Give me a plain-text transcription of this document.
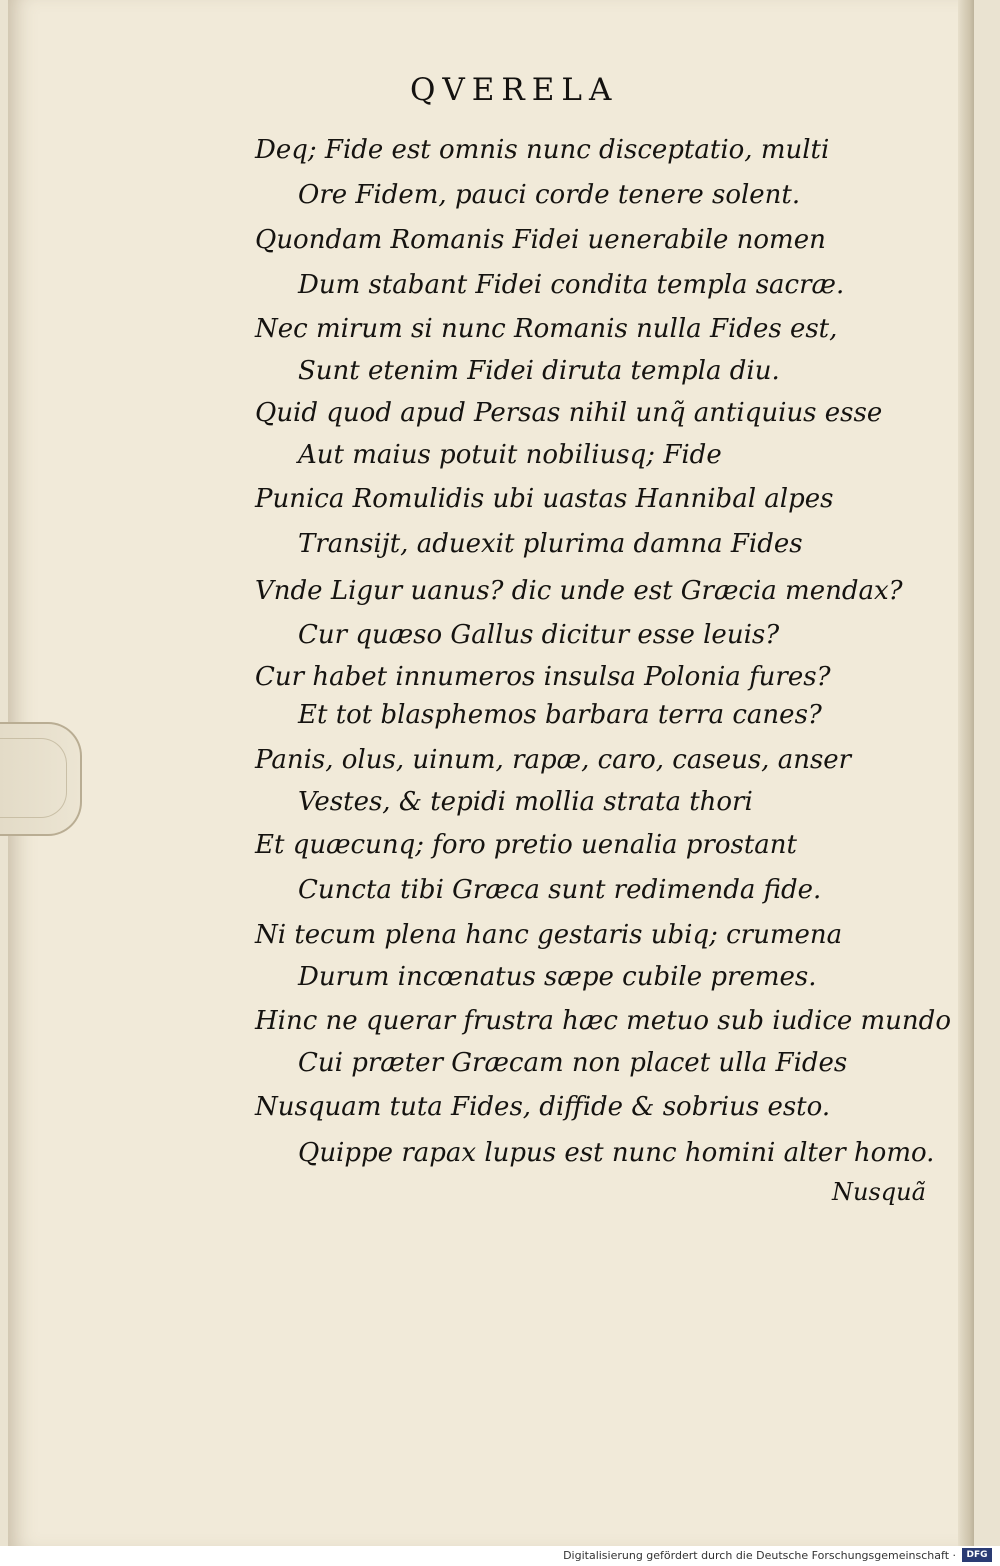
QVERELA

Deq; Fide est omnis nunc disceptatio, multi

Ore Fidem, pauci corde tenere solent.

Quondam Romanis Fidei uenerabile nomen

Dum stabant Fidei condita templa sacræ.

Nec mirum si nunc Romanis nulla Fides est,

Sunt etenim Fidei diruta templa diu.

Quid quod apud Persas nihil unq̃ antiquius esse

Aut maius potuit nobiliusq; Fide

Punica Romulidis ubi uastas Hannibal alpes

Transijt, aduexit plurima damna Fides

Vnde Ligur uanus? dic unde est Græcia mendax?

Cur quæso Gallus dicitur esse leuis?

Cur habet innumeros insulsa Polonia fures?

Et tot blasphemos barbara terra canes?

Panis, olus, uinum, rapæ, caro, caseus, anser

Vestes, & tepidi mollia strata thori

Et quæcunq; foro pretio uenalia prostant

Cuncta tibi Græca sunt redimenda fide.

Ni tecum plena hanc gestaris ubiq; crumena

Durum incœnatus sæpe cubile premes.

Hinc ne querar frustra hæc metuo sub iudice mundo

Cui præter Græcam non placet ulla Fides

Nusquam tuta Fides, diffide & sobrius esto.

Quippe rapax lupus est nunc homini alter homo.

Nusquã
Digitalisierung gefördert durch die Deutsche Forschungsgemeinschaft ·	DFG
